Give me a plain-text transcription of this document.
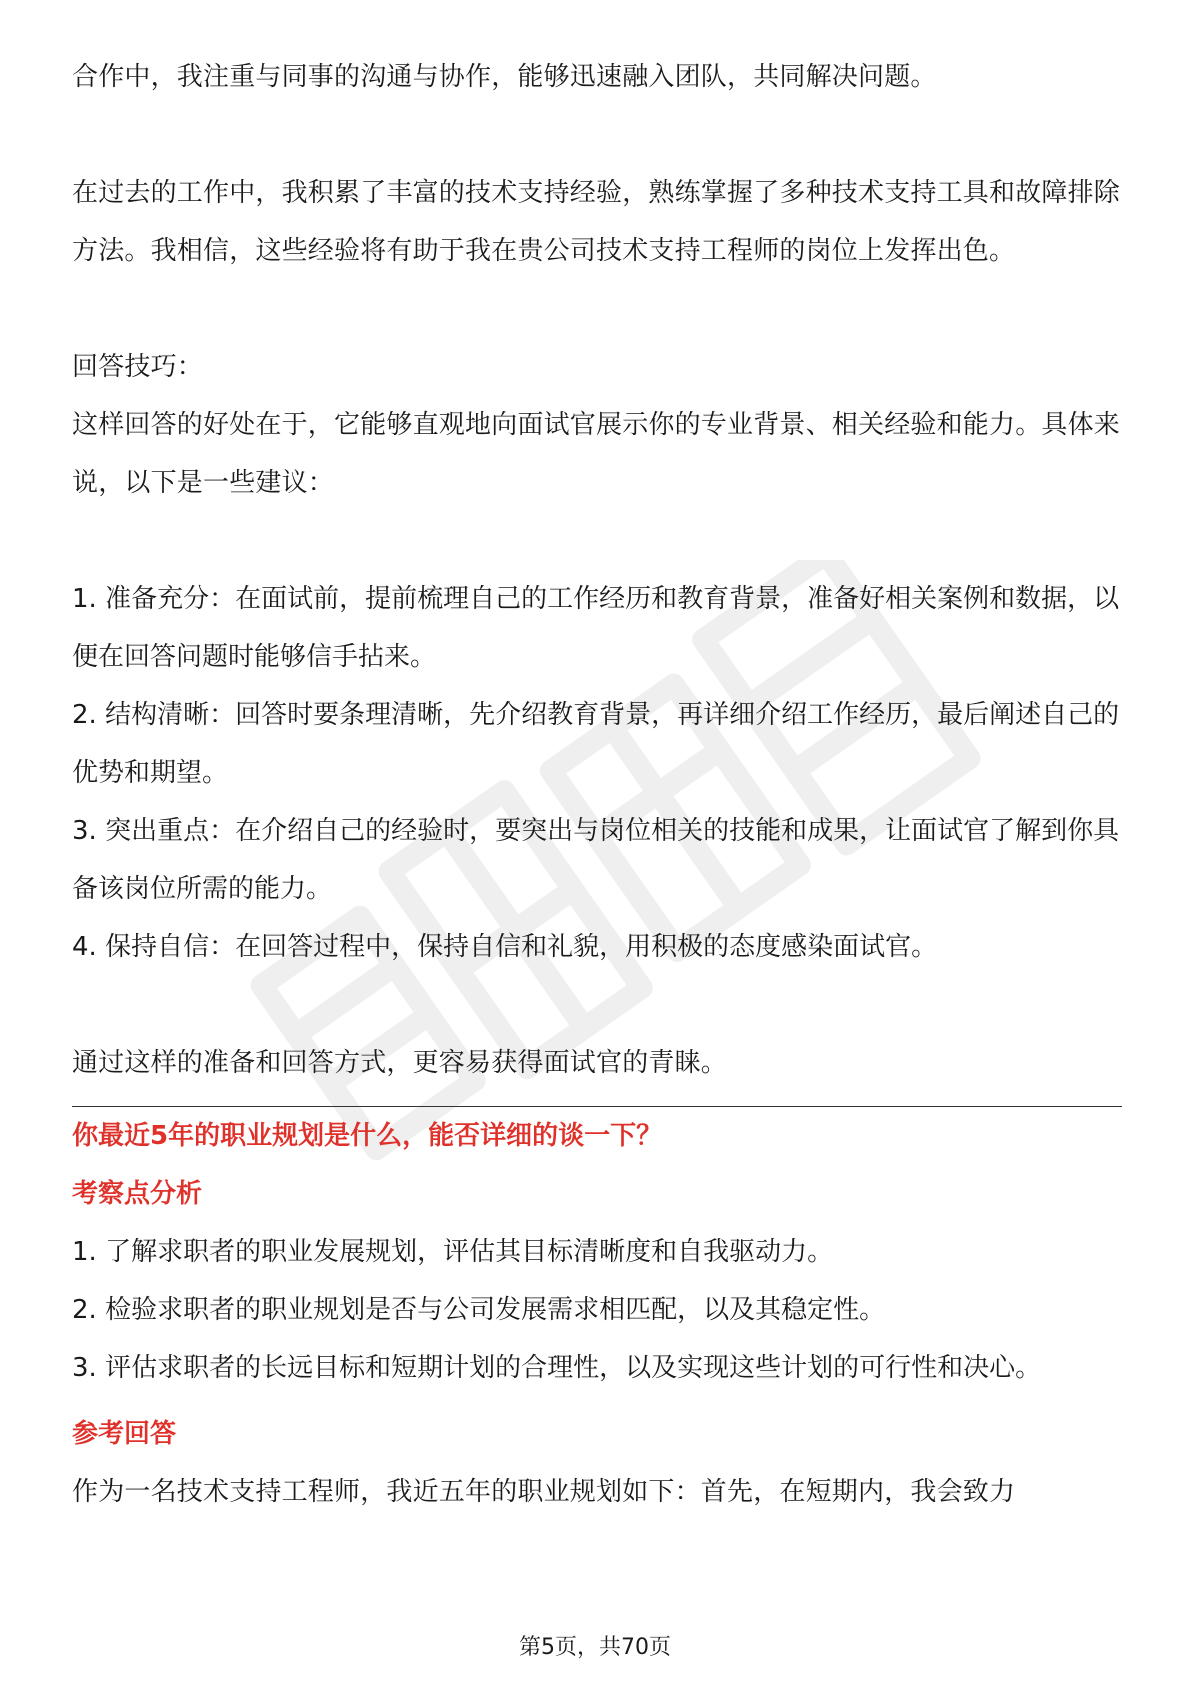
合作中，我注重与同事的沟通与协作，能够迅速融入团队，共同解决问题。

在过去的工作中，我积累了丰富的技术支持经验，熟练掌握了多种技术支持工具和故障排除方法。我相信，这些经验将有助于我在贵公司技术支持工程师的岗位上发挥出色。

回答技巧：

这样回答的好处在于，它能够直观地向面试官展示你的专业背景、相关经验和能力。具体来说，以下是一些建议：

1. 准备充分：在面试前，提前梳理自己的工作经历和教育背景，准备好相关案例和数据，以便在回答问题时能够信手拈来。

2. 结构清晰：回答时要条理清晰，先介绍教育背景，再详细介绍工作经历，最后阐述自己的优势和期望。

3. 突出重点：在介绍自己的经验时，要突出与岗位相关的技能和成果，让面试官了解到你具备该岗位所需的能力。

4. 保持自信：在回答过程中，保持自信和礼貌，用积极的态度感染面试官。

通过这样的准备和回答方式，更容易获得面试官的青睐。

你最近5年的职业规划是什么，能否详细的谈一下？

考察点分析

1. 了解求职者的职业发展规划，评估其目标清晰度和自我驱动力。

2. 检验求职者的职业规划是否与公司发展需求相匹配，以及其稳定性。

3. 评估求职者的长远目标和短期计划的合理性，以及实现这些计划的可行性和决心。

参考回答

作为一名技术支持工程师，我近五年的职业规划如下：首先，在短期内，我会致力

第5页，共70页
